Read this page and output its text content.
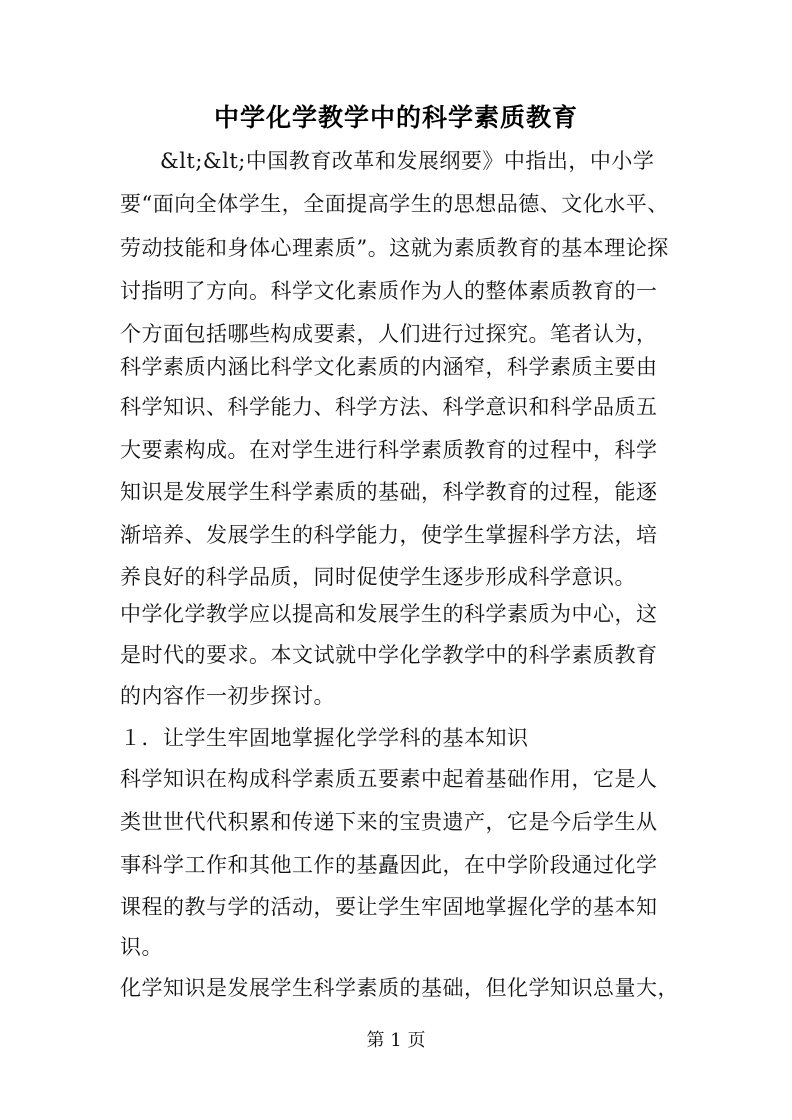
中学化学教学中的科学素质教育
&lt;&lt;中国教育改革和发展纲要》中指出，中小学
要“面向全体学生，全面提高学生的思想品德、文化水平、
劳动技能和身体心理素质”。这就为素质教育的基本理论探
讨指明了方向。科学文化素质作为人的整体素质教育的一
个方面包括哪些构成要素，人们进行过探究。笔者认为，
科学素质内涵比科学文化素质的内涵窄，科学素质主要由
科学知识、科学能力、科学方法、科学意识和科学品质五
大要素构成。在对学生进行科学素质教育的过程中，科学
知识是发展学生科学素质的基础，科学教育的过程，能逐
渐培养、发展学生的科学能力，使学生掌握科学方法，培
养良好的科学品质，同时促使学生逐步形成科学意识。
中学化学教学应以提高和发展学生的科学素质为中心，这
是时代的要求。本文试就中学化学教学中的科学素质教育
的内容作一初步探讨。
１．让学生牢固地掌握化学学科的基本知识
科学知识在构成科学素质五要素中起着基础作用，它是人
类世世代代积累和传递下来的宝贵遗产，它是今后学生从
事科学工作和其他工作的基矗因此，在中学阶段通过化学
课程的教与学的活动，要让学生牢固地掌握化学的基本知
识。
化学知识是发展学生科学素质的基础，但化学知识总量大，
第 1 页
